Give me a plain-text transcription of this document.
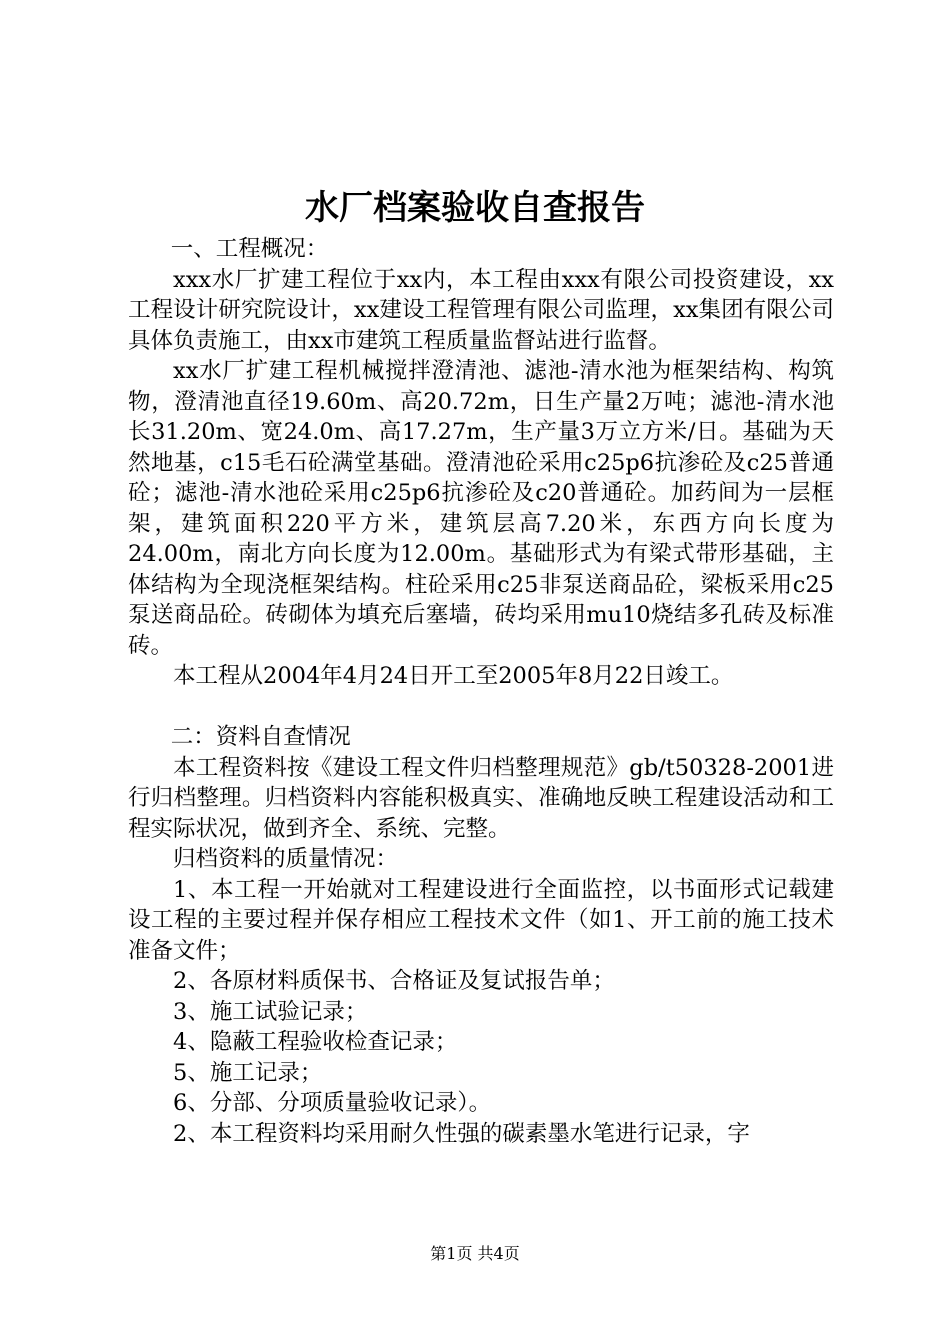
水厂档案验收自查报告

一、工程概况：

xxx水厂扩建工程位于xx内，本工程由xxx有限公司投资建设，xx工程设计研究院设计，xx建设工程管理有限公司监理，xx集团有限公司具体负责施工，由xx市建筑工程质量监督站进行监督。

xx水厂扩建工程机械搅拌澄清池、滤池-清水池为框架结构、构筑物，澄清池直径19.60m、高20.72m，日生产量2万吨；滤池-清水池长31.20m、宽24.0m、高17.27m，生产量3万立方米/日。基础为天然地基，c15毛石砼满堂基础。澄清池砼采用c25p6抗渗砼及c25普通砼；滤池-清水池砼采用c25p6抗渗砼及c20普通砼。加药间为一层框架，建筑面积220平方米，建筑层高7.20米，东西方向长度为24.00m，南北方向长度为12.00m。基础形式为有梁式带形基础，主体结构为全现浇框架结构。柱砼采用c25非泵送商品砼，梁板采用c25泵送商品砼。砖砌体为填充后塞墙，砖均采用mu10烧结多孔砖及标准砖。

本工程从2004年4月24日开工至2005年8月22日竣工。

二：资料自查情况

本工程资料按《建设工程文件归档整理规范》gb/t50328-2001进行归档整理。归档资料内容能积极真实、准确地反映工程建设活动和工程实际状况，做到齐全、系统、完整。

归档资料的质量情况：

1、本工程一开始就对工程建设进行全面监控，以书面形式记载建设工程的主要过程并保存相应工程技术文件（如1、开工前的施工技术准备文件；

2、各原材料质保书、合格证及复试报告单；

3、施工试验记录；

4、隐蔽工程验收检查记录；

5、施工记录；

6、分部、分项质量验收记录）。

2、本工程资料均采用耐久性强的碳素墨水笔进行记录，字

第1页 共4页
